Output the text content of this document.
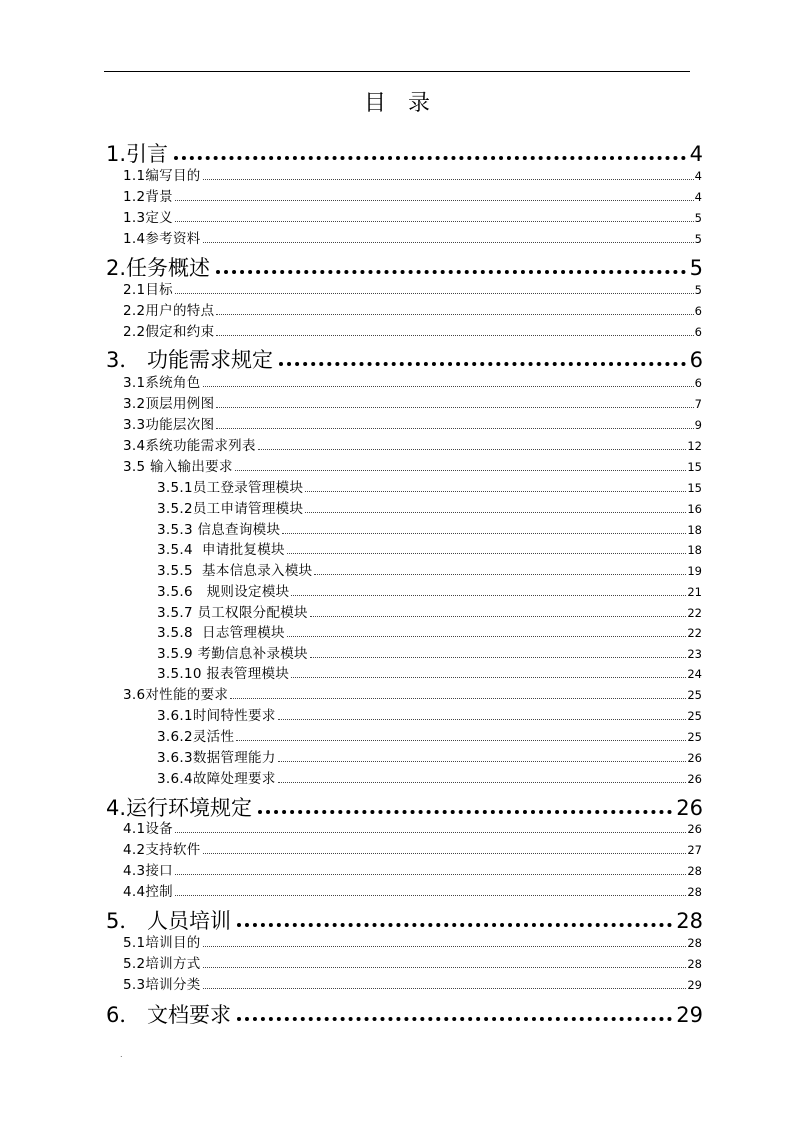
目　录
1.引言	4
1.1编写目的	4
1.2背景	4
1.3定义	5
1.4参考资料	5
2.任务概述	5
2.1目标	5
2.2用户的特点	6
2.2假定和约束	6
3． 功能需求规定	6
3.1系统角色	6
3.2顶层用例图	7
3.3功能层次图	9
3.4系统功能需求列表	12
3.5 输入输出要求	15
3.5.1员工登录管理模块	15
3.5.2员工申请管理模块	16
3.5.3 信息查询模块	18
3.5.4  申请批复模块	18
3.5.5  基本信息录入模块	19
3.5.6   规则设定模块	21
3.5.7 员工权限分配模块	22
3.5.8  日志管理模块	22
3.5.9 考勤信息补录模块	23
3.5.10 报表管理模块	24
3.6对性能的要求	25
3.6.1时间特性要求	25
3.6.2灵活性	25
3.6.3数据管理能力	26
3.6.4故障处理要求	26
4.运行环境规定	26
4.1设备	26
4.2支持软件	27
4.3接口	28
4.4控制	28
5． 人员培训	28
5.1培训目的	28
5.2培训方式	28
5.3培训分类	29
6． 文档要求	29
.
